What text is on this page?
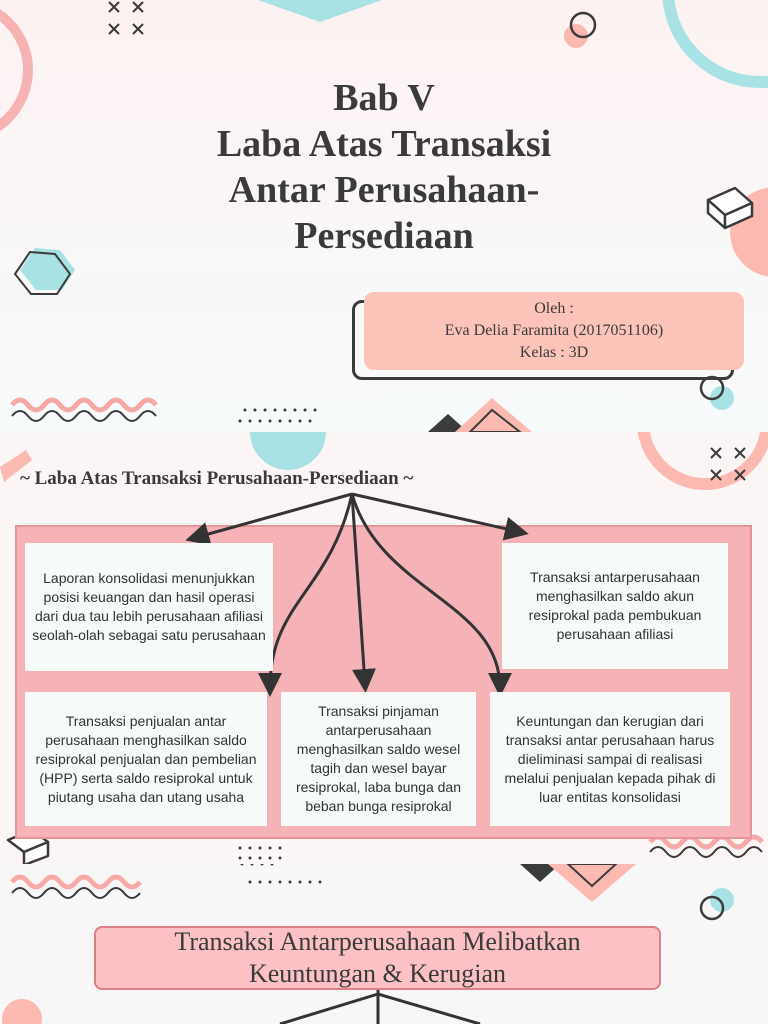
Bab V
Laba Atas Transaksi
Antar Perusahaan-
Persediaan
Oleh :
Eva Delia Faramita (2017051106)
Kelas : 3D
~ Laba Atas Transaksi Perusahaan-Persediaan ~
Laporan konsolidasi menunjukkan posisi keuangan dan hasil operasi dari dua tau lebih perusahaan afiliasi seolah-olah sebagai satu perusahaan
Transaksi antarperusahaan menghasilkan saldo akun resiprokal pada pembukuan perusahaan afiliasi
Transaksi penjualan antar perusahaan menghasilkan saldo resiprokal penjualan dan pembelian (HPP) serta saldo resiprokal untuk piutang usaha dan utang usaha
Transaksi pinjaman antarperusahaan menghasilkan saldo wesel tagih dan wesel bayar resiprokal, laba bunga dan beban bunga resiprokal
Keuntungan dan kerugian dari transaksi antar perusahaan harus dieliminasi sampai di realisasi melalui penjualan kepada pihak di luar entitas konsolidasi
Transaksi Antarperusahaan Melibatkan
Keuntungan & Kerugian
